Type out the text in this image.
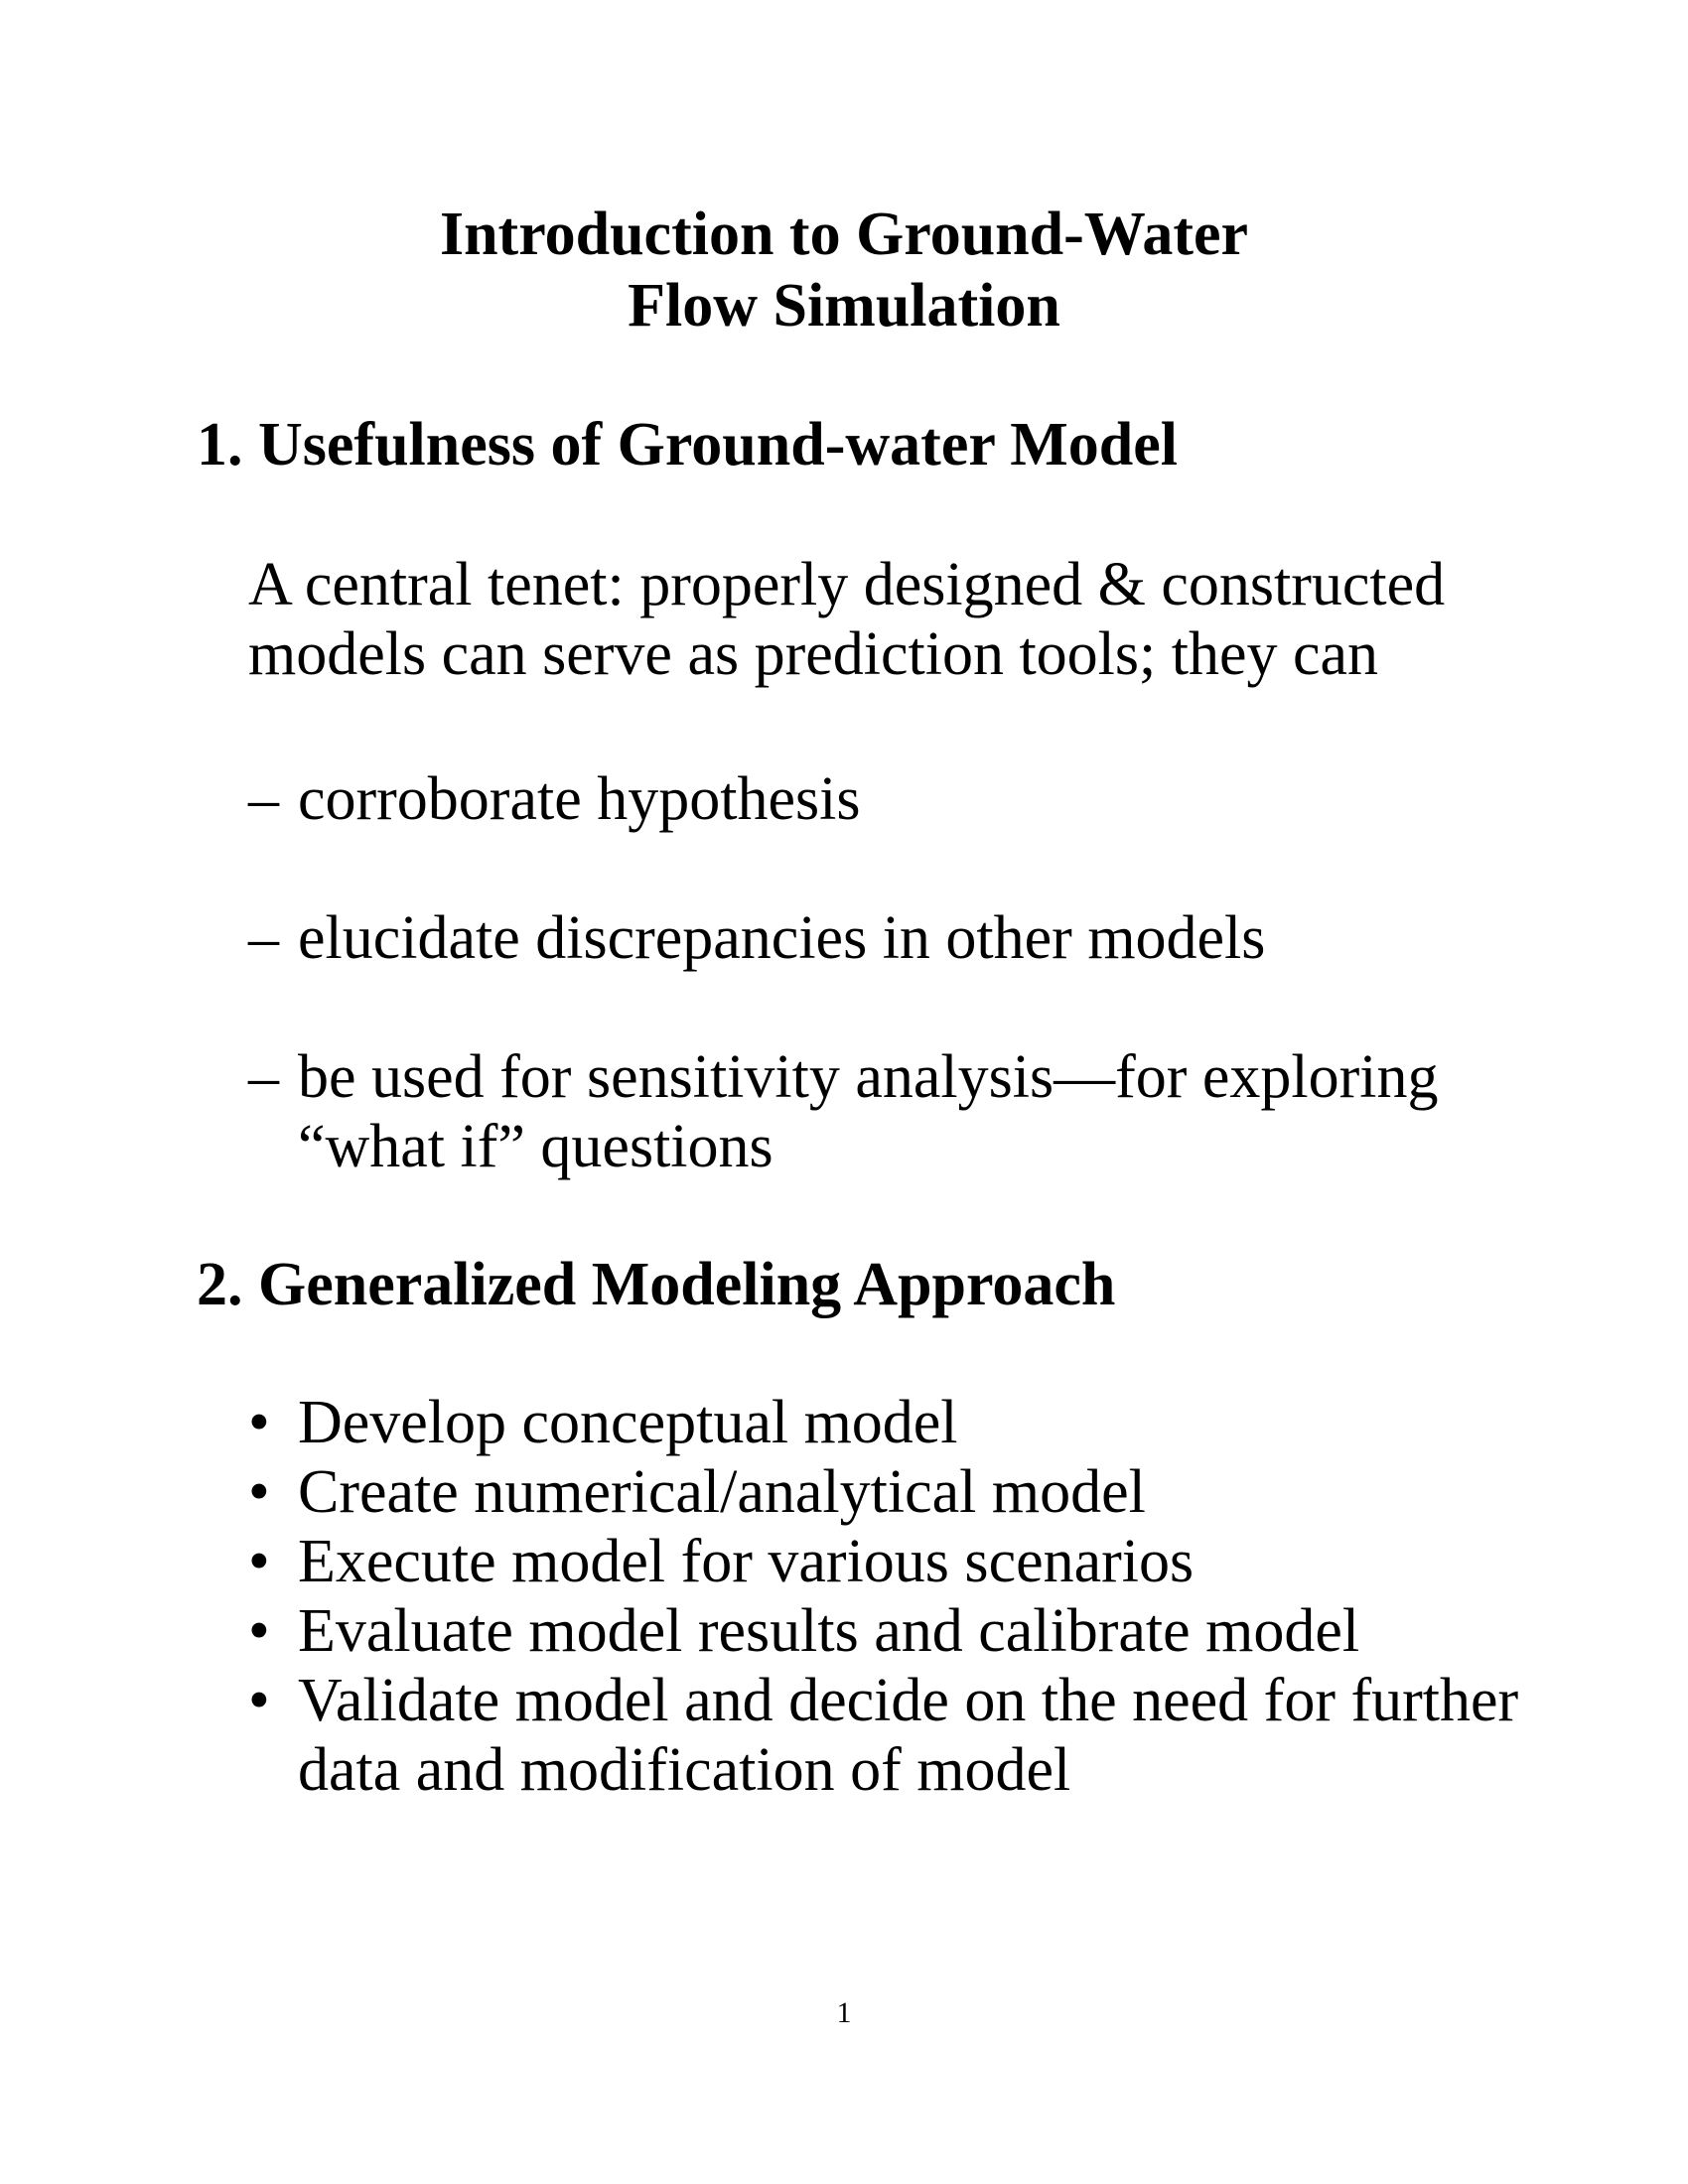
Introduction to Ground-Water
Flow Simulation
1. Usefulness of Ground-water Model
A central tenet: properly designed & constructed models can serve as prediction tools; they can
– corroborate hypothesis
– elucidate discrepancies in other models
– be used for sensitivity analysis—for exploring “what if” questions
2. Generalized Modeling Approach
• Develop conceptual model
• Create numerical/analytical model
• Execute model for various scenarios
• Evaluate model results and calibrate model
• Validate model and decide on the need for further data and modification of model
1
